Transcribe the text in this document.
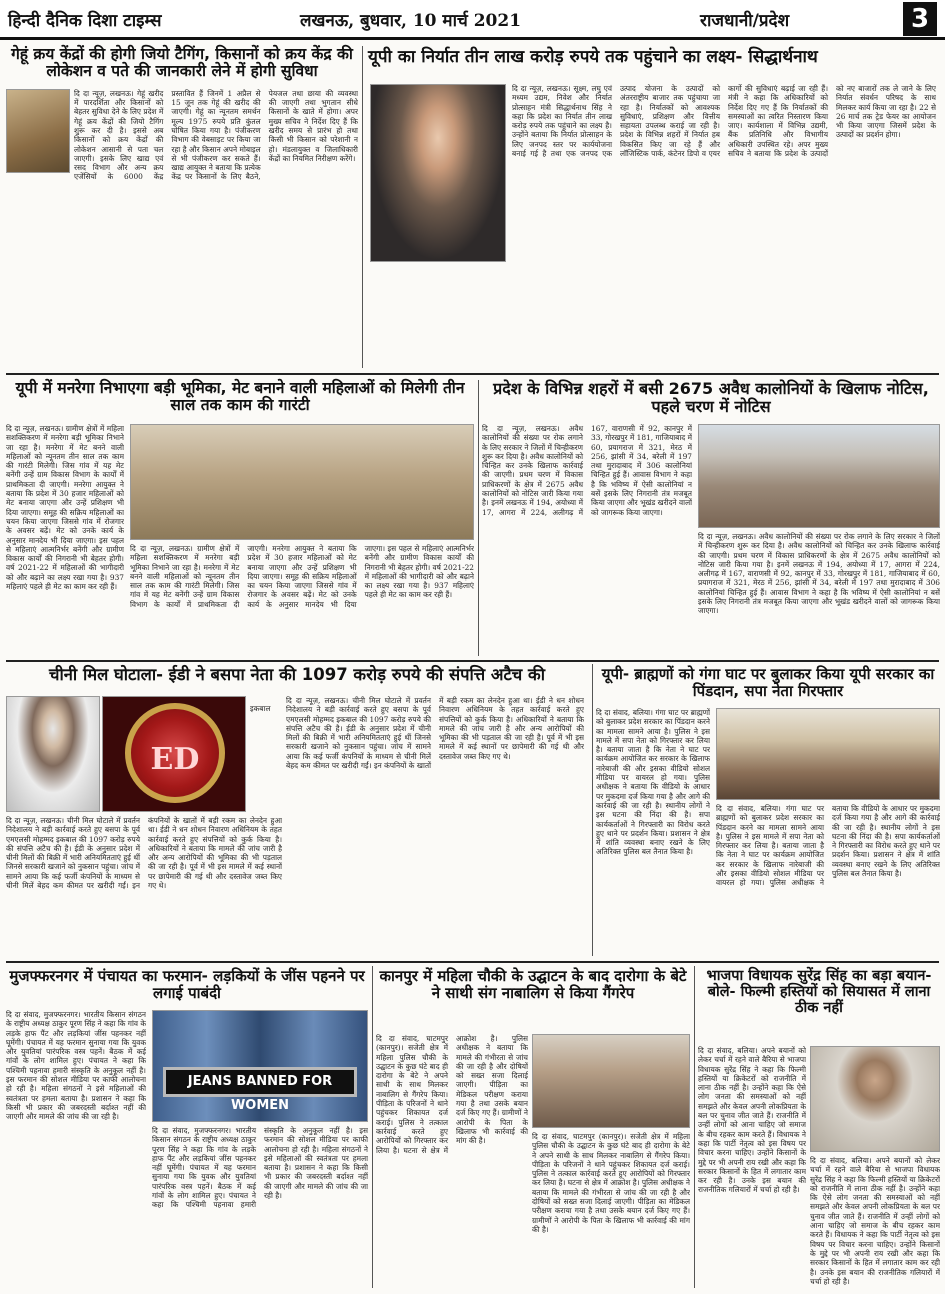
हिन्दी दैनिक दिशा टाइम्स	लखनऊ, बुधवार, 10 मार्च 2021	राजधानी/प्रदेश	3
गेहूं क्रय केंद्रों की होगी जियो टैगिंग, किसानों को क्रय केंद्र की लोकेशन व पते की जानकारी लेने में होगी सुविधा
दि दा न्यूज़, लखनऊ। गेहूं खरीद में पारदर्शिता और किसानों को बेहतर सुविधा देने के लिए प्रदेश में गेहूं क्रय केंद्रों की जियो टैगिंग शुरू कर दी है। इससे अब किसानों को क्रय केंद्रों की लोकेशन आसानी से पता चल जाएगी। इसके लिए खाद्य एवं रसद विभाग और अन्य क्रय एजेंसियों के 6000 केंद्र प्रस्तावित हैं जिनमें 1 अप्रैल से 15 जून तक गेहूं की खरीद की जाएगी। गेहूं का न्यूनतम समर्थन मूल्य 1975 रुपये प्रति कुंतल घोषित किया गया है। पंजीकरण विभाग की वेबसाइट पर किया जा रहा है और किसान अपने मोबाइल से भी पंजीकरण कर सकते हैं। खाद्य आयुक्त ने बताया कि प्रत्येक केंद्र पर किसानों के लिए बैठने, पेयजल तथा छाया की व्यवस्था की जाएगी तथा भुगतान सीधे किसानों के खाते में होगा। अपर मुख्य सचिव ने निर्देश दिए हैं कि खरीद समय से प्रारंभ हो तथा किसी भी किसान को परेशानी न हो। मंडलायुक्त व जिलाधिकारी केंद्रों का नियमित निरीक्षण करेंगे।
यूपी का निर्यात तीन लाख करोड़ रुपये तक पहुंचाने का लक्ष्य- सिद्धार्थनाथ
दि दा न्यूज़, लखनऊ। सूक्ष्म, लघु एवं मध्यम उद्यम, निवेश और निर्यात प्रोत्साहन मंत्री सिद्धार्थनाथ सिंह ने कहा कि प्रदेश का निर्यात तीन लाख करोड़ रुपये तक पहुंचाने का लक्ष्य है। उन्होंने बताया कि निर्यात प्रोत्साहन के लिए जनपद स्तर पर कार्ययोजना बनाई गई है तथा एक जनपद एक उत्पाद योजना के उत्पादों को अंतरराष्ट्रीय बाजार तक पहुंचाया जा रहा है। निर्यातकों को आवश्यक सुविधाएं, प्रशिक्षण और वित्तीय सहायता उपलब्ध कराई जा रही है। प्रदेश के विभिन्न शहरों में निर्यात हब विकसित किए जा रहे हैं और लॉजिस्टिक पार्क, कंटेनर डिपो व एयर कार्गो की सुविधाएं बढ़ाई जा रही हैं। मंत्री ने कहा कि अधिकारियों को निर्देश दिए गए हैं कि निर्यातकों की समस्याओं का त्वरित निस्तारण किया जाए। कार्यशाला में विभिन्न उद्यमी, बैंक प्रतिनिधि और विभागीय अधिकारी उपस्थित रहे। अपर मुख्य सचिव ने बताया कि प्रदेश के उत्पादों को नए बाजारों तक ले जाने के लिए निर्यात संवर्धन परिषद के साथ मिलकर कार्य किया जा रहा है। 22 से 26 मार्च तक ट्रेड फेयर का आयोजन भी किया जाएगा जिसमें प्रदेश के उत्पादों का प्रदर्शन होगा।
यूपी में मनरेगा निभाएगा बड़ी भूमिका, मेट बनाने वाली महिलाओं को मिलेगी तीन साल तक काम की गारंटी
दि दा न्यूज़, लखनऊ। ग्रामीण क्षेत्रों में महिला सशक्तिकरण में मनरेगा बड़ी भूमिका निभाने जा रहा है। मनरेगा में मेट बनने वाली महिलाओं को न्यूनतम तीन साल तक काम की गारंटी मिलेगी। जिस गांव में यह मेट बनेंगी उन्हें ग्राम विकास विभाग के कार्यों में प्राथमिकता दी जाएगी। मनरेगा आयुक्त ने बताया कि प्रदेश में 30 हजार महिलाओं को मेट बनाया जाएगा और उन्हें प्रशिक्षण भी दिया जाएगा। समूह की सक्रिय महिलाओं का चयन किया जाएगा जिससे गांव में रोजगार के अवसर बढ़ें। मेट को उनके कार्य के अनुसार मानदेय भी दिया जाएगा। इस पहल से महिलाएं आत्मनिर्भर बनेंगी और ग्रामीण विकास कार्यों की निगरानी भी बेहतर होगी। वर्ष 2021-22 में महिलाओं की भागीदारी को और बढ़ाने का लक्ष्य रखा गया है। 937 महिलाएं पहले ही मेट का काम कर रही हैं।
दि दा न्यूज़, लखनऊ। ग्रामीण क्षेत्रों में महिला सशक्तिकरण में मनरेगा बड़ी भूमिका निभाने जा रहा है। मनरेगा में मेट बनने वाली महिलाओं को न्यूनतम तीन साल तक काम की गारंटी मिलेगी। जिस गांव में यह मेट बनेंगी उन्हें ग्राम विकास विभाग के कार्यों में प्राथमिकता दी जाएगी। मनरेगा आयुक्त ने बताया कि प्रदेश में 30 हजार महिलाओं को मेट बनाया जाएगा और उन्हें प्रशिक्षण भी दिया जाएगा। समूह की सक्रिय महिलाओं का चयन किया जाएगा जिससे गांव में रोजगार के अवसर बढ़ें। मेट को उनके कार्य के अनुसार मानदेय भी दिया जाएगा। इस पहल से महिलाएं आत्मनिर्भर बनेंगी और ग्रामीण विकास कार्यों की निगरानी भी बेहतर होगी। वर्ष 2021-22 में महिलाओं की भागीदारी को और बढ़ाने का लक्ष्य रखा गया है। 937 महिलाएं पहले ही मेट का काम कर रही हैं।
प्रदेश के विभिन्न शहरों में बसी 2675 अवैध कालोनियों के खिलाफ नोटिस, पहले चरण में नोटिस
दि दा न्यूज़, लखनऊ। अवैध कालोनियों की संख्या पर रोक लगाने के लिए सरकार ने जिलों में चिन्हीकरण शुरू कर दिया है। अवैध कालोनियों को चिन्हित कर उनके खिलाफ कार्रवाई की जाएगी। प्रथम चरण में विकास प्राधिकरणों के क्षेत्र में 2675 अवैध कालोनियों को नोटिस जारी किया गया है। इनमें लखनऊ में 194, अयोध्या में 17, आगरा में 224, अलीगढ़ में 167, वाराणसी में 92, कानपुर में 33, गोरखपुर में 181, गाजियाबाद में 60, प्रयागराज में 321, मेरठ में 256, झांसी में 34, बरेली में 197 तथा मुरादाबाद में 306 कालोनियां चिन्हित हुई हैं। आवास विभाग ने कहा है कि भविष्य में ऐसी कालोनियां न बसें इसके लिए निगरानी तंत्र मजबूत किया जाएगा और भूखंड खरीदने वालों को जागरूक किया जाएगा।
दि दा न्यूज़, लखनऊ। अवैध कालोनियों की संख्या पर रोक लगाने के लिए सरकार ने जिलों में चिन्हीकरण शुरू कर दिया है। अवैध कालोनियों को चिन्हित कर उनके खिलाफ कार्रवाई की जाएगी। प्रथम चरण में विकास प्राधिकरणों के क्षेत्र में 2675 अवैध कालोनियों को नोटिस जारी किया गया है। इनमें लखनऊ में 194, अयोध्या में 17, आगरा में 224, अलीगढ़ में 167, वाराणसी में 92, कानपुर में 33, गोरखपुर में 181, गाजियाबाद में 60, प्रयागराज में 321, मेरठ में 256, झांसी में 34, बरेली में 197 तथा मुरादाबाद में 306 कालोनियां चिन्हित हुई हैं। आवास विभाग ने कहा है कि भविष्य में ऐसी कालोनियां न बसें इसके लिए निगरानी तंत्र मजबूत किया जाएगा और भूखंड खरीदने वालों को जागरूक किया जाएगा।
चीनी मिल घोटाला- ईडी ने बसपा नेता की 1097 करोड़ रुपये की संपत्ति अटैच की
ED
इकबाल
दि दा न्यूज़, लखनऊ। चीनी मिल घोटाले में प्रवर्तन निदेशालय ने बड़ी कार्रवाई करते हुए बसपा के पूर्व एमएलसी मोहम्मद इकबाल की 1097 करोड़ रुपये की संपत्ति अटैच की है। ईडी के अनुसार प्रदेश में चीनी मिलों की बिक्री में भारी अनियमितताएं हुई थीं जिनसे सरकारी खजाने को नुकसान पहुंचा। जांच में सामने आया कि कई फर्जी कंपनियों के माध्यम से चीनी मिलें बेहद कम कीमत पर खरीदी गईं। इन कंपनियों के खातों में बड़ी रकम का लेनदेन हुआ था। ईडी ने धन शोधन निवारण अधिनियम के तहत कार्रवाई करते हुए संपत्तियों को कुर्क किया है। अधिकारियों ने बताया कि मामले की जांच जारी है और अन्य आरोपियों की भूमिका की भी पड़ताल की जा रही है। पूर्व में भी इस मामले में कई स्थानों पर छापेमारी की गई थी और दस्तावेज जब्त किए गए थे।
दि दा न्यूज़, लखनऊ। चीनी मिल घोटाले में प्रवर्तन निदेशालय ने बड़ी कार्रवाई करते हुए बसपा के पूर्व एमएलसी मोहम्मद इकबाल की 1097 करोड़ रुपये की संपत्ति अटैच की है। ईडी के अनुसार प्रदेश में चीनी मिलों की बिक्री में भारी अनियमितताएं हुई थीं जिनसे सरकारी खजाने को नुकसान पहुंचा। जांच में सामने आया कि कई फर्जी कंपनियों के माध्यम से चीनी मिलें बेहद कम कीमत पर खरीदी गईं। इन कंपनियों के खातों में बड़ी रकम का लेनदेन हुआ था। ईडी ने धन शोधन निवारण अधिनियम के तहत कार्रवाई करते हुए संपत्तियों को कुर्क किया है। अधिकारियों ने बताया कि मामले की जांच जारी है और अन्य आरोपियों की भूमिका की भी पड़ताल की जा रही है। पूर्व में भी इस मामले में कई स्थानों पर छापेमारी की गई थी और दस्तावेज जब्त किए गए थे।
यूपी- ब्राह्मणों को गंगा घाट पर बुलाकर किया यूपी सरकार का पिंडदान, सपा नेता गिरफ्तार
दि दा संवाद, बलिया। गंगा घाट पर ब्राह्मणों को बुलाकर प्रदेश सरकार का पिंडदान करने का मामला सामने आया है। पुलिस ने इस मामले में सपा नेता को गिरफ्तार कर लिया है। बताया जाता है कि नेता ने घाट पर कार्यक्रम आयोजित कर सरकार के खिलाफ नारेबाजी की और इसका वीडियो सोशल मीडिया पर वायरल हो गया। पुलिस अधीक्षक ने बताया कि वीडियो के आधार पर मुकदमा दर्ज किया गया है और आगे की कार्रवाई की जा रही है। स्थानीय लोगों ने इस घटना की निंदा की है। सपा कार्यकर्ताओं ने गिरफ्तारी का विरोध करते हुए थाने पर प्रदर्शन किया। प्रशासन ने क्षेत्र में शांति व्यवस्था बनाए रखने के लिए अतिरिक्त पुलिस बल तैनात किया है।
दि दा संवाद, बलिया। गंगा घाट पर ब्राह्मणों को बुलाकर प्रदेश सरकार का पिंडदान करने का मामला सामने आया है। पुलिस ने इस मामले में सपा नेता को गिरफ्तार कर लिया है। बताया जाता है कि नेता ने घाट पर कार्यक्रम आयोजित कर सरकार के खिलाफ नारेबाजी की और इसका वीडियो सोशल मीडिया पर वायरल हो गया। पुलिस अधीक्षक ने बताया कि वीडियो के आधार पर मुकदमा दर्ज किया गया है और आगे की कार्रवाई की जा रही है। स्थानीय लोगों ने इस घटना की निंदा की है। सपा कार्यकर्ताओं ने गिरफ्तारी का विरोध करते हुए थाने पर प्रदर्शन किया। प्रशासन ने क्षेत्र में शांति व्यवस्था बनाए रखने के लिए अतिरिक्त पुलिस बल तैनात किया है।
मुजफ्फरनगर में पंचायत का फरमान- लड़कियों के जींस पहनने पर लगाई पाबंदी
दि दा संवाद, मुजफ्फरनगर। भारतीय किसान संगठन के राष्ट्रीय अध्यक्ष ठाकुर पूरण सिंह ने कहा कि गांव के लड़के हाफ पैंट और लड़कियां जींस पहनकर नहीं घूमेंगी। पंचायत में यह फरमान सुनाया गया कि युवक और युवतियां पारंपरिक वस्त्र पहनें। बैठक में कई गांवों के लोग शामिल हुए। पंचायत ने कहा कि पश्चिमी पहनावा हमारी संस्कृति के अनुकूल नहीं है। इस फरमान की सोशल मीडिया पर काफी आलोचना हो रही है। महिला संगठनों ने इसे महिलाओं की स्वतंत्रता पर हमला बताया है। प्रशासन ने कहा कि किसी भी प्रकार की जबरदस्ती बर्दाश्त नहीं की जाएगी और मामले की जांच की जा रही है।
JEANS BANNED FOR WOMEN
दि दा संवाद, मुजफ्फरनगर। भारतीय किसान संगठन के राष्ट्रीय अध्यक्ष ठाकुर पूरण सिंह ने कहा कि गांव के लड़के हाफ पैंट और लड़कियां जींस पहनकर नहीं घूमेंगी। पंचायत में यह फरमान सुनाया गया कि युवक और युवतियां पारंपरिक वस्त्र पहनें। बैठक में कई गांवों के लोग शामिल हुए। पंचायत ने कहा कि पश्चिमी पहनावा हमारी संस्कृति के अनुकूल नहीं है। इस फरमान की सोशल मीडिया पर काफी आलोचना हो रही है। महिला संगठनों ने इसे महिलाओं की स्वतंत्रता पर हमला बताया है। प्रशासन ने कहा कि किसी भी प्रकार की जबरदस्ती बर्दाश्त नहीं की जाएगी और मामले की जांच की जा रही है।
कानपुर में महिला चौकी के उद्घाटन के बाद दारोगा के बेटे ने साथी संग नाबालिग से किया गैंगरेप
दि दा संवाद, घाटमपुर (कानपुर)। सजेती क्षेत्र में महिला पुलिस चौकी के उद्घाटन के कुछ घंटे बाद ही दारोगा के बेटे ने अपने साथी के साथ मिलकर नाबालिग से गैंगरेप किया। पीड़िता के परिजनों ने थाने पहुंचकर शिकायत दर्ज कराई। पुलिस ने तत्काल कार्रवाई करते हुए आरोपियों को गिरफ्तार कर लिया है। घटना से क्षेत्र में आक्रोश है। पुलिस अधीक्षक ने बताया कि मामले की गंभीरता से जांच की जा रही है और दोषियों को सख्त सजा दिलाई जाएगी। पीड़िता का मेडिकल परीक्षण कराया गया है तथा उसके बयान दर्ज किए गए हैं। ग्रामीणों ने आरोपी के पिता के खिलाफ भी कार्रवाई की मांग की है।	दि दा संवाद, घाटमपुर (कानपुर)। सजेती क्षेत्र में महिला पुलिस चौकी के उद्घाटन के कुछ घंटे बाद ही दारोगा के बेटे ने अपने साथी के साथ मिलकर नाबालिग से गैंगरेप किया। पीड़िता के परिजनों ने थाने पहुंचकर शिकायत दर्ज कराई। पुलिस ने तत्काल कार्रवाई करते हुए आरोपियों को गिरफ्तार कर लिया है। घटना से क्षेत्र में आक्रोश है। पुलिस अधीक्षक ने बताया कि मामले की गंभीरता से जांच की जा रही है और दोषियों को सख्त सजा दिलाई जाएगी। पीड़िता का मेडिकल परीक्षण कराया गया है तथा उसके बयान दर्ज किए गए हैं। ग्रामीणों ने आरोपी के पिता के खिलाफ भी कार्रवाई की मांग की है।
भाजपा विधायक सुरेंद्र सिंह का बड़ा बयान- बोले- फिल्मी हस्तियों को सियासत में लाना ठीक नहीं
दि दा संवाद, बलिया। अपने बयानों को लेकर चर्चा में रहने वाले बैरिया से भाजपा विधायक सुरेंद्र सिंह ने कहा कि फिल्मी हस्तियों या क्रिकेटरों को राजनीति में लाना ठीक नहीं है। उन्होंने कहा कि ऐसे लोग जनता की समस्याओं को नहीं समझते और केवल अपनी लोकप्रियता के बल पर चुनाव जीत जाते हैं। राजनीति में उन्हीं लोगों को आना चाहिए जो समाज के बीच रहकर काम करते हैं। विधायक ने कहा कि पार्टी नेतृत्व को इस विषय पर विचार करना चाहिए। उन्होंने किसानों के मुद्दे पर भी अपनी राय रखी और कहा कि सरकार किसानों के हित में लगातार काम कर रही है। उनके इस बयान की राजनीतिक गलियारों में चर्चा हो रही है।
दि दा संवाद, बलिया। अपने बयानों को लेकर चर्चा में रहने वाले बैरिया से भाजपा विधायक सुरेंद्र सिंह ने कहा कि फिल्मी हस्तियों या क्रिकेटरों को राजनीति में लाना ठीक नहीं है। उन्होंने कहा कि ऐसे लोग जनता की समस्याओं को नहीं समझते और केवल अपनी लोकप्रियता के बल पर चुनाव जीत जाते हैं। राजनीति में उन्हीं लोगों को आना चाहिए जो समाज के बीच रहकर काम करते हैं। विधायक ने कहा कि पार्टी नेतृत्व को इस विषय पर विचार करना चाहिए। उन्होंने किसानों के मुद्दे पर भी अपनी राय रखी और कहा कि सरकार किसानों के हित में लगातार काम कर रही है। उनके इस बयान की राजनीतिक गलियारों में चर्चा हो रही है।
